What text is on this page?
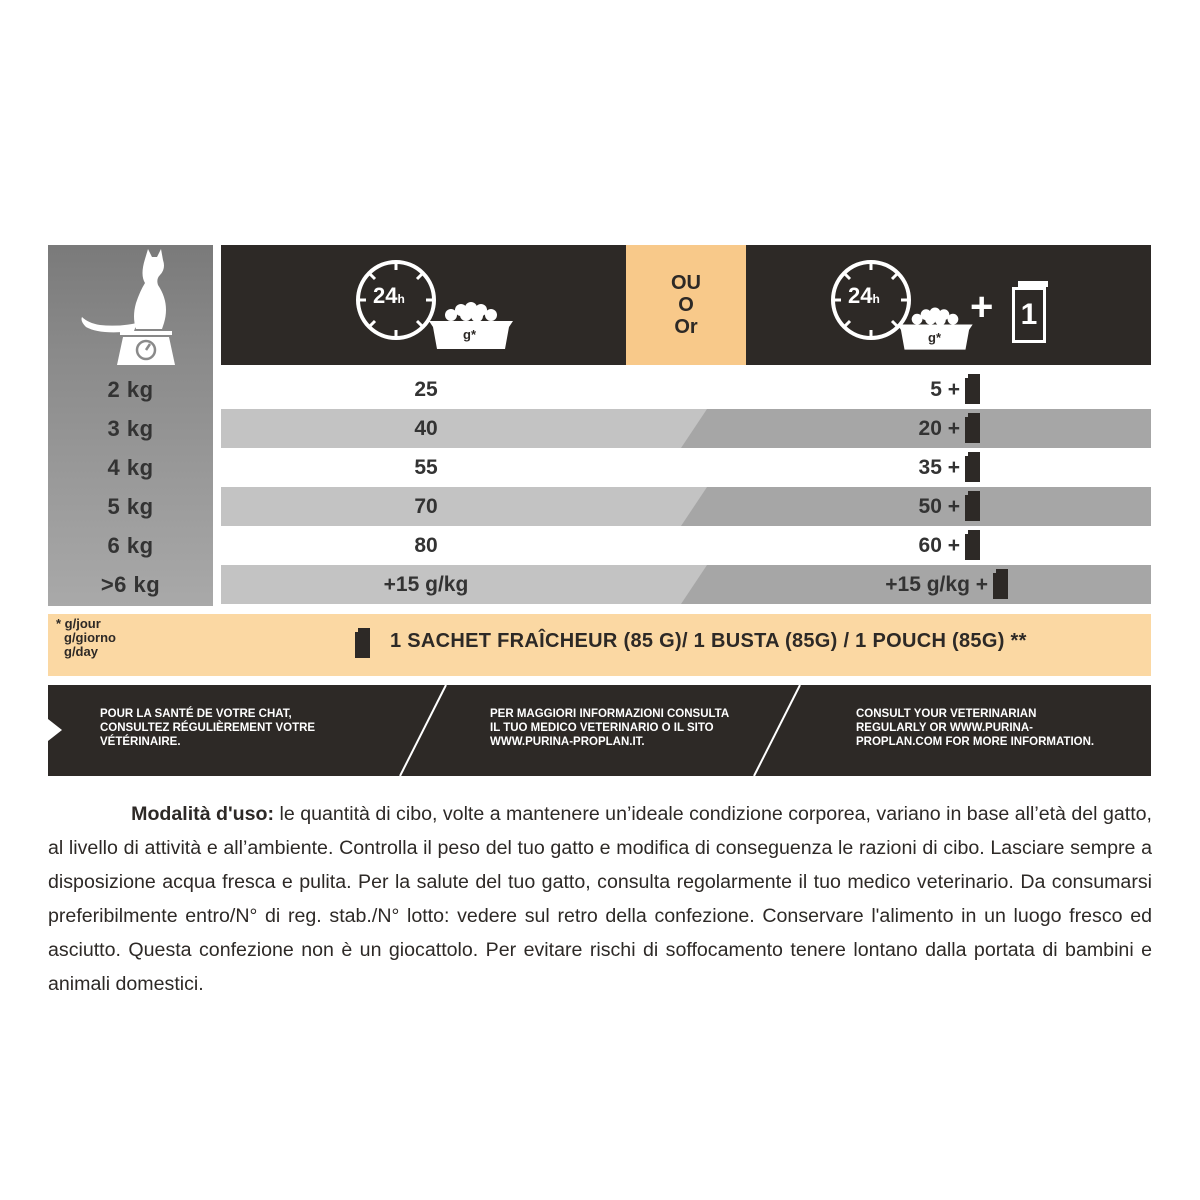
2 kg
3 kg
4 kg
5 kg
6 kg
>6 kg
24h
g*
OU
O
Or
24h
g*
+ 1
25
40
55
70
80
+15 g/kg
5 +
20 +
35 +
50 +
60 +
+15 g/kg +
* g/jour
g/giorno
g/day	1 SACHET FRAÎCHEUR (85 G)/ 1 BUSTA (85G) / 1 POUCH (85G) **
POUR LA SANTÉ DE VOTRE CHAT, CONSULTEZ RÉGULIÈREMENT VOTRE VÉTÉRINAIRE.
PER MAGGIORI INFORMAZIONI CONSULTA IL TUO MEDICO VETERINARIO O IL SITO WWW.PURINA-PROPLAN.IT.
CONSULT YOUR VETERINARIAN REGULARLY OR WWW.PURINA-PROPLAN.COM FOR MORE INFORMATION.

Modalità d'uso: le quantità di cibo, volte a mantenere un’ideale condizione corporea, variano in base all’età del gatto,
al livello di attività e all’ambiente. Controlla il peso del tuo gatto e modifica di conseguenza le razioni di cibo. Lasciare sempre a disposizione acqua fresca e pulita. Per la salute del tuo gatto, consulta regolarmente il tuo medico veterinario. Da consumarsi preferibilmente entro/N° di reg. stab./N° lotto: vedere sul retro della confezione. Conservare l'alimento in un luogo fresco ed asciutto. Questa confezione non è un giocattolo. Per evitare rischi di soffocamento tenere lontano dalla portata di bambini e animali domestici.
